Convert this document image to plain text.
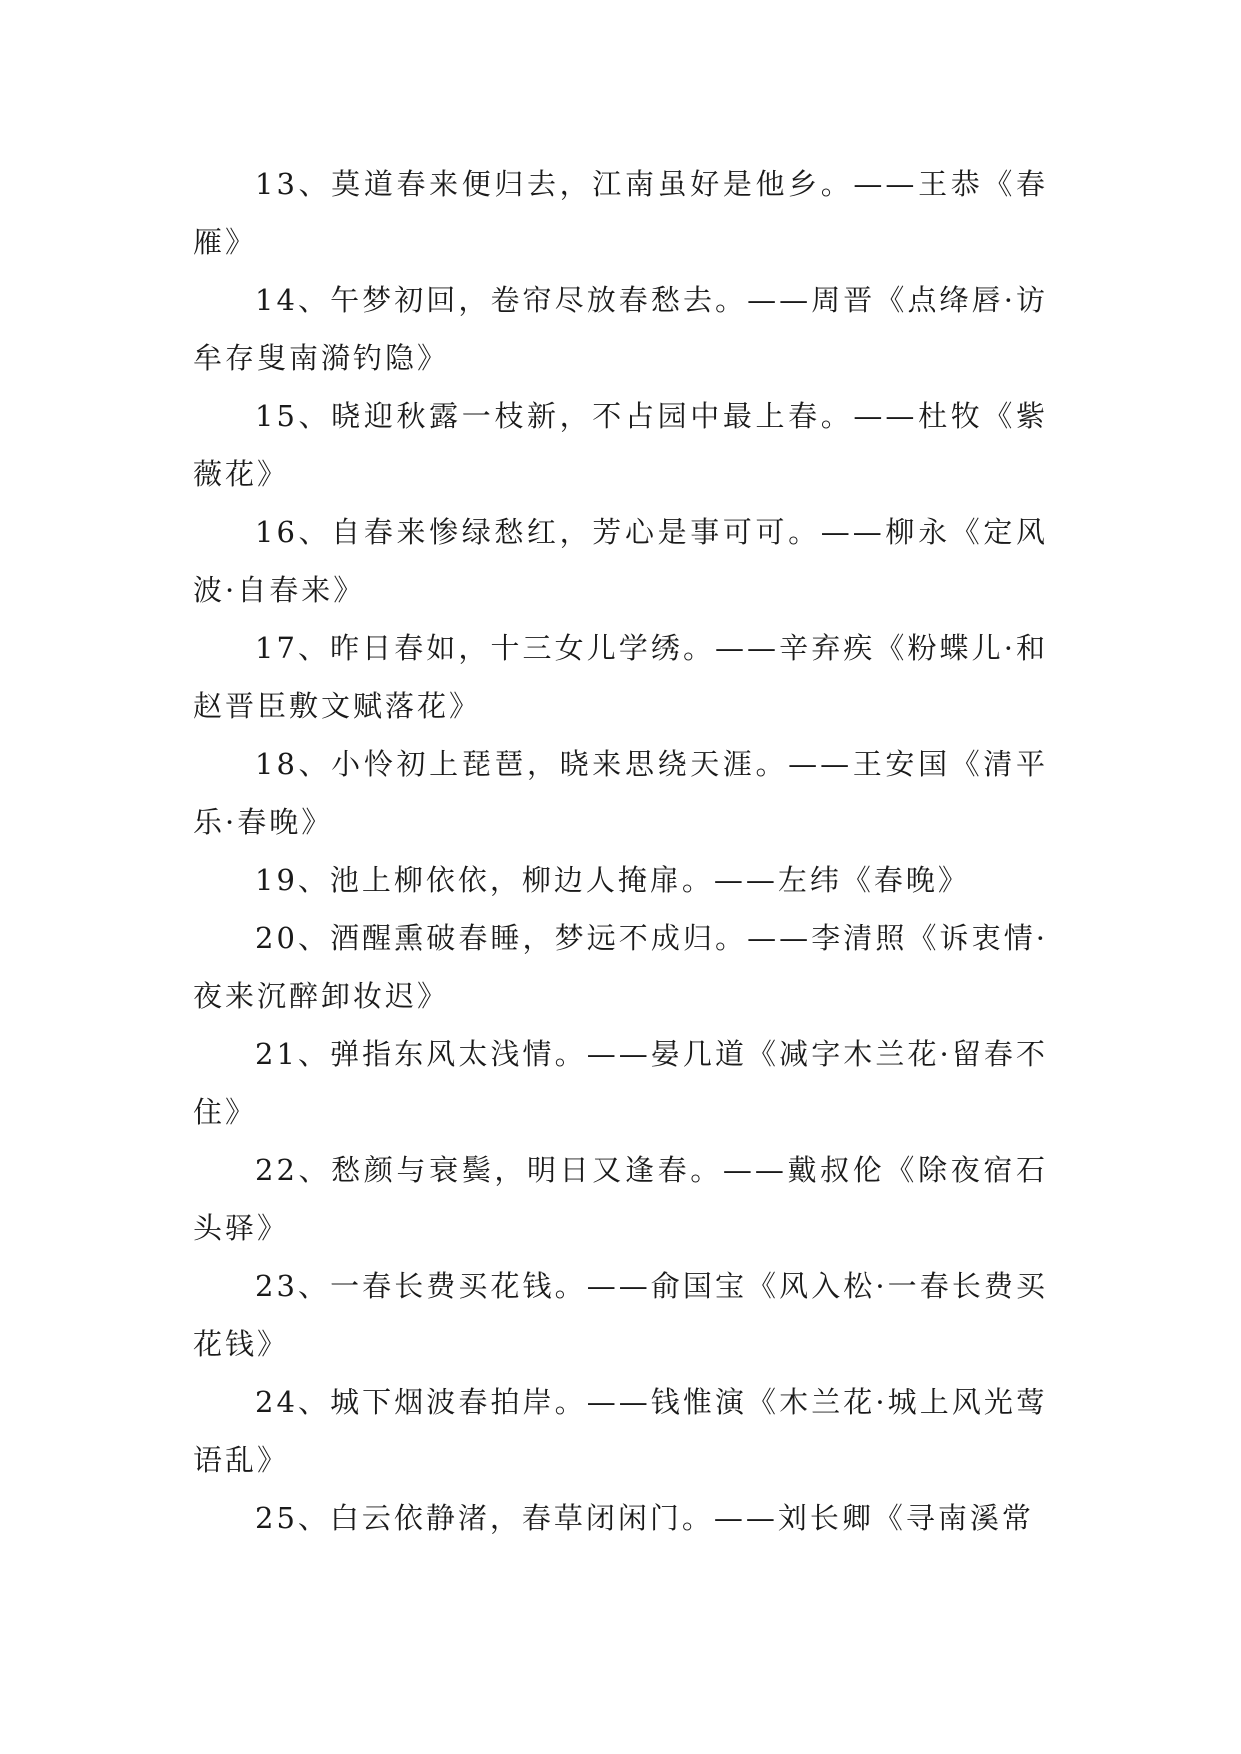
13、莫道春来便归去，江南虽好是他乡。——王恭《春雁》

14、午梦初回，卷帘尽放春愁去。——周晋《点绛唇·访牟存叟南漪钓隐》

15、晓迎秋露一枝新，不占园中最上春。——杜牧《紫薇花》

16、自春来惨绿愁红，芳心是事可可。——柳永《定风波·自春来》

17、昨日春如，十三女儿学绣。——辛弃疾《粉蝶儿·和赵晋臣敷文赋落花》

18、小怜初上琵琶，晓来思绕天涯。——王安国《清平乐·春晚》

19、池上柳依依，柳边人掩扉。——左纬《春晚》

20、酒醒熏破春睡，梦远不成归。——李清照《诉衷情·夜来沉醉卸妆迟》

21、弹指东风太浅情。——晏几道《减字木兰花·留春不住》

22、愁颜与衰鬓，明日又逢春。——戴叔伦《除夜宿石头驿》

23、一春长费买花钱。——俞国宝《风入松·一春长费买花钱》

24、城下烟波春拍岸。——钱惟演《木兰花·城上风光莺语乱》

25、白云依静渚，春草闭闲门。——刘长卿《寻南溪常
